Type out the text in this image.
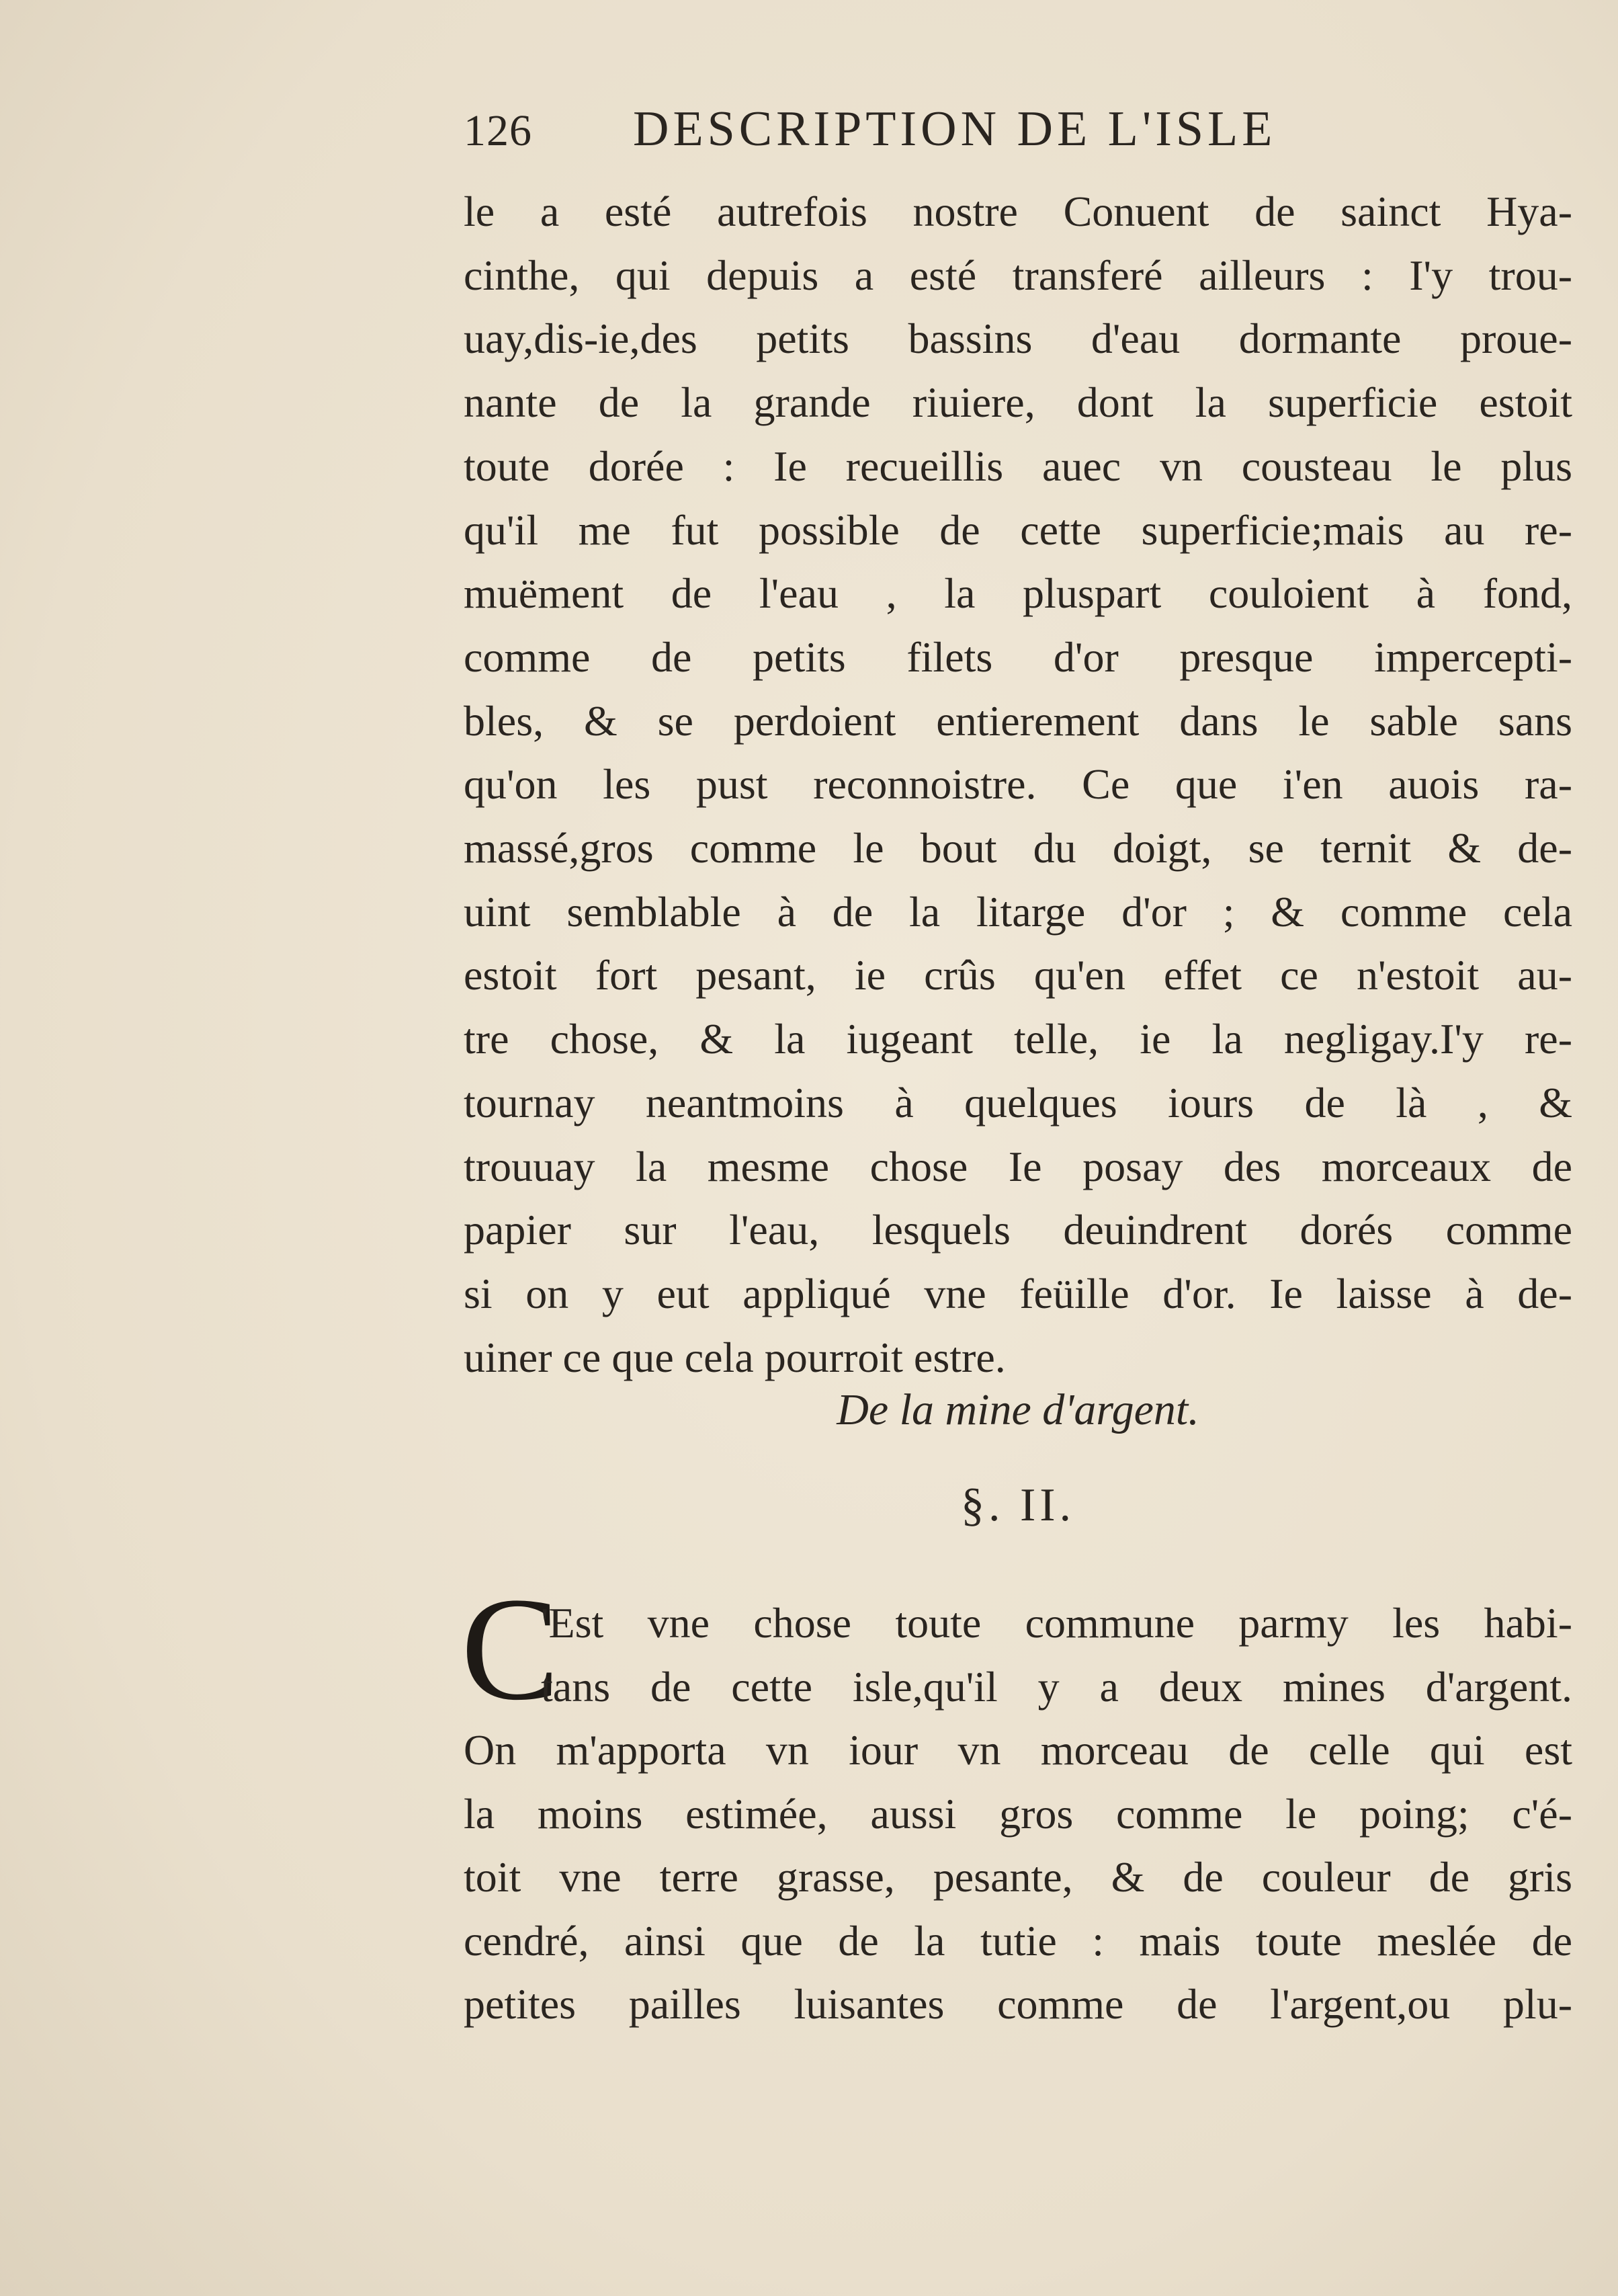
126 DESCRIPTION DE L'ISLE
le a esté autrefois nostre Conuent de sainct Hya-
cinthe, qui depuis a esté transferé ailleurs : I'y trou-
uay,dis-ie,des petits bassins d'eau dormante proue-
nante de la grande riuiere, dont la superficie estoit
toute dorée : Ie recueillis auec vn cousteau le plus
qu'il me fut possible de cette superficie;mais au re-
muëment de l'eau , la pluspart couloient à fond,
comme de petits filets d'or presque impercepti-
bles, & se perdoient entierement dans le sable sans
qu'on les pust reconnoistre. Ce que i'en auois ra-
massé,gros comme le bout du doigt, se ternit & de-
uint semblable à de la litarge d'or ; & comme cela
estoit fort pesant, ie crûs qu'en effet ce n'estoit au-
tre chose, & la iugeant telle, ie la negligay.I'y re-
tournay neantmoins à quelques iours de là , &
trouuay la mesme chose Ie posay des morceaux de
papier sur l'eau, lesquels deuindrent dorés comme
si on y eut appliqué vne feüille d'or. Ie laisse à de-
uiner ce que cela pourroit estre.
De la mine d'argent.
§. II.
C
'Est vne chose toute commune parmy les habi-
tans de cette isle,qu'il y a deux mines d'argent.
On m'apporta vn iour vn morceau de celle qui est
la moins estimée, aussi gros comme le poing; c'é-
toit vne terre grasse, pesante, & de couleur de gris
cendré, ainsi que de la tutie : mais toute meslée de
petites pailles luisantes comme de l'argent,ou plu-
